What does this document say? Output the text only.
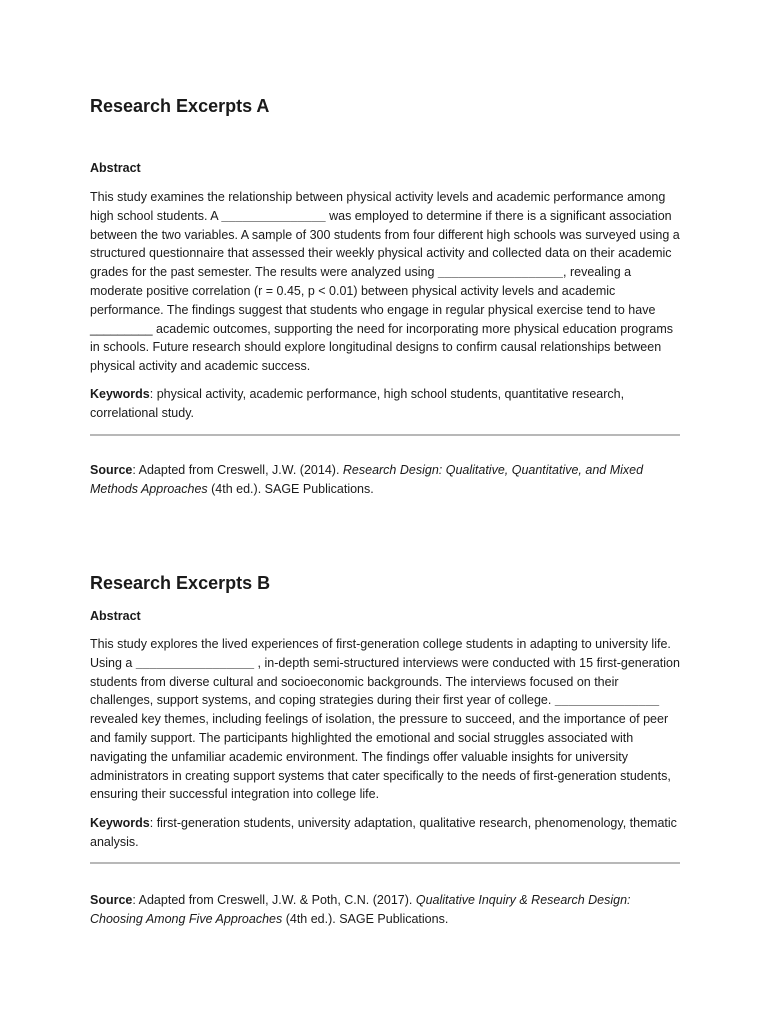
Research Excerpts A

Abstract

This study examines the relationship between physical activity levels and academic performance among high school students. A _______________ was employed to determine if there is a significant association between the two variables. A sample of 300 students from four different high schools was surveyed using a structured questionnaire that assessed their weekly physical activity and collected data on their academic grades for the past semester. The results were analyzed using __________________, revealing a moderate positive correlation (r = 0.45, p < 0.01) between physical activity levels and academic performance. The findings suggest that students who engage in regular physical exercise tend to have _________ academic outcomes, supporting the need for incorporating more physical education programs in schools. Future research should explore longitudinal designs to confirm causal relationships between physical activity and academic success.

Keywords: physical activity, academic performance, high school students, quantitative research, correlational study.

Source: Adapted from Creswell, J.W. (2014). Research Design: Qualitative, Quantitative, and Mixed Methods Approaches (4th ed.). SAGE Publications.

Research Excerpts B

Abstract

This study explores the lived experiences of first-generation college students in adapting to university life. Using a _________________ , in-depth semi-structured interviews were conducted with 15 first-generation students from diverse cultural and socioeconomic backgrounds. The interviews focused on their challenges, support systems, and coping strategies during their first year of college. _______________ revealed key themes, including feelings of isolation, the pressure to succeed, and the importance of peer and family support. The participants highlighted the emotional and social struggles associated with navigating the unfamiliar academic environment. The findings offer valuable insights for university administrators in creating support systems that cater specifically to the needs of first-generation students, ensuring their successful integration into college life.

Keywords: first-generation students, university adaptation, qualitative research, phenomenology, thematic analysis.

Source: Adapted from Creswell, J.W. & Poth, C.N. (2017). Qualitative Inquiry & Research Design: Choosing Among Five Approaches (4th ed.). SAGE Publications.
